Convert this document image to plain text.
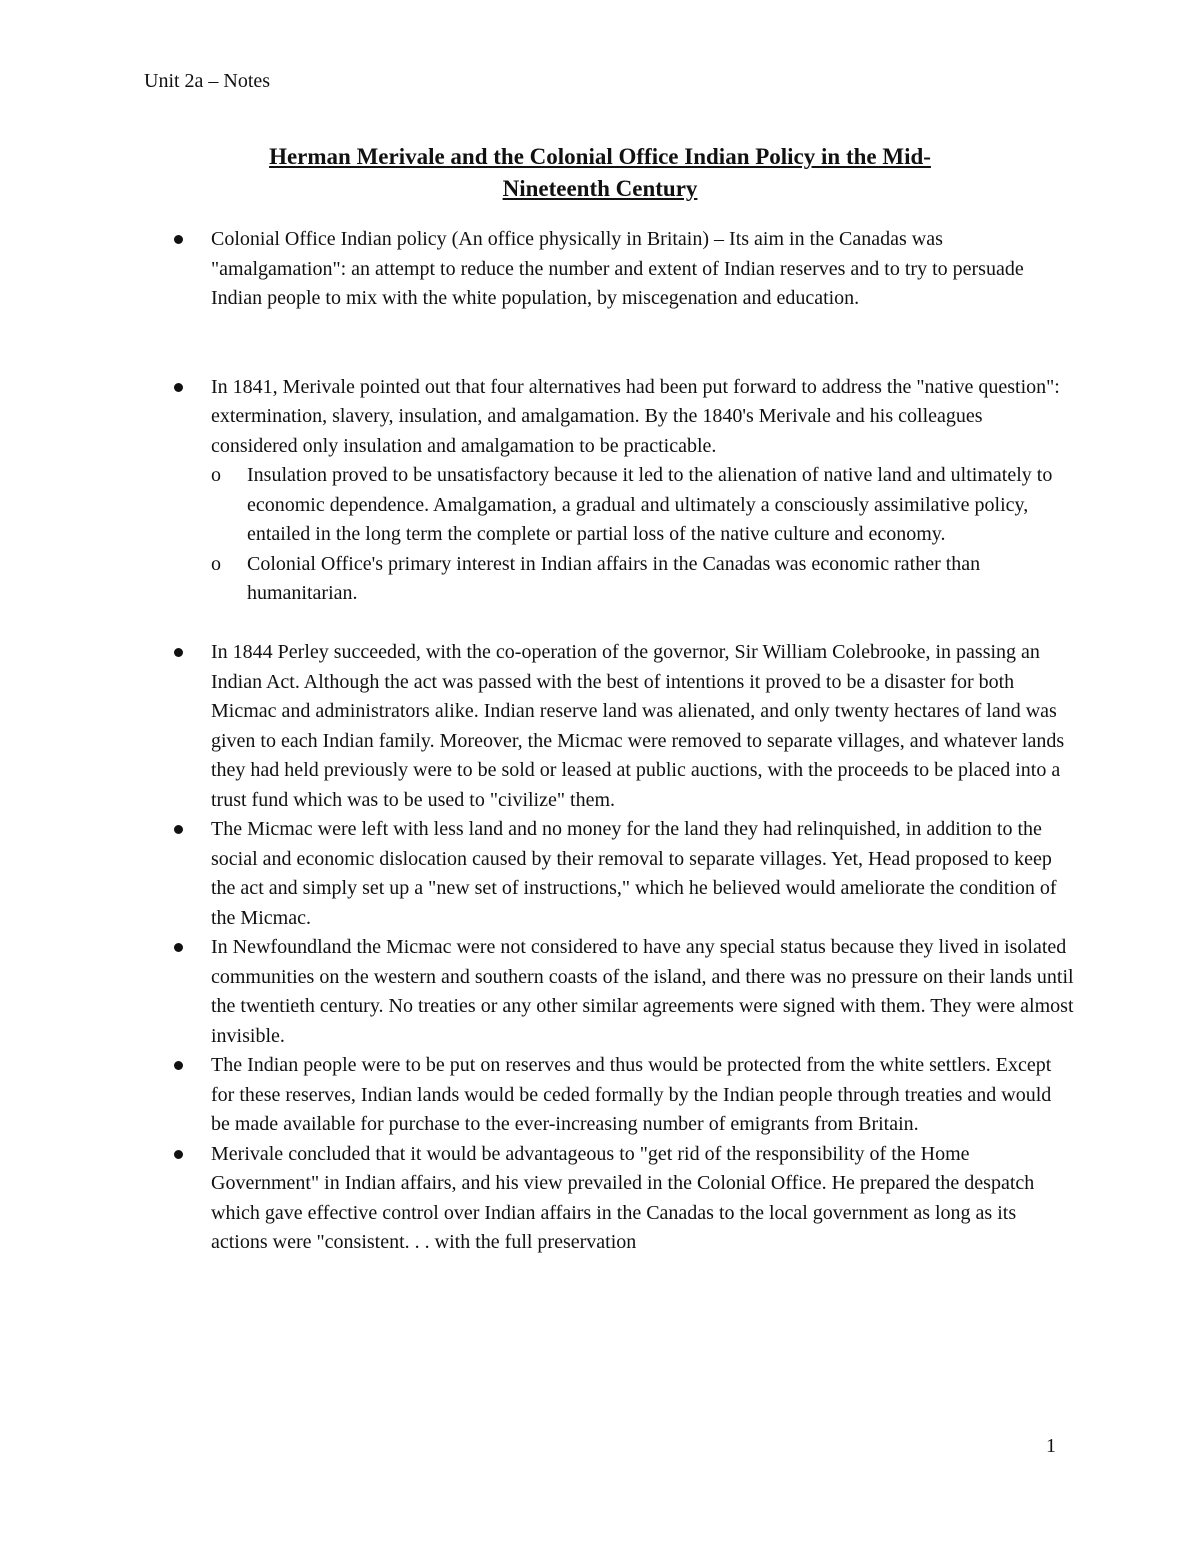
Unit 2a – Notes
Herman Merivale and the Colonial Office Indian Policy in the Mid-
Nineteenth Century
Colonial Office Indian policy (An office physically in Britain) – Its aim in the Canadas was "amalgamation": an attempt to reduce the number and extent of Indian reserves and to try to persuade Indian people to mix with the white population, by miscegenation and education.
In 1841, Merivale pointed out that four alternatives had been put forward to address the "native question": extermination, slavery, insulation, and amalgamation. By the 1840's Merivale and his colleagues considered only insulation and amalgamation to be practicable.
o Insulation proved to be unsatisfactory because it led to the alienation of native land and ultimately to economic dependence. Amalgamation, a gradual and ultimately a consciously assimilative policy, entailed in the long term the complete or partial loss of the native culture and economy.
o Colonial Office's primary interest in Indian affairs in the Canadas was economic rather than humanitarian.
In 1844 Perley succeeded, with the co-operation of the governor, Sir William Colebrooke, in passing an Indian Act. Although the act was passed with the best of intentions it proved to be a disaster for both Micmac and administrators alike. Indian reserve land was alienated, and only twenty hectares of land was given to each Indian family. Moreover, the Micmac were removed to separate villages, and whatever lands they had held previously were to be sold or leased at public auctions, with the proceeds to be placed into a trust fund which was to be used to "civilize" them.
The Micmac were left with less land and no money for the land they had relinquished, in addition to the social and economic dislocation caused by their removal to separate villages. Yet, Head proposed to keep the act and simply set up a "new set of instructions," which he believed would ameliorate the condition of the Micmac.
In Newfoundland the Micmac were not considered to have any special status because they lived in isolated communities on the western and southern coasts of the island, and there was no pressure on their lands until the twentieth century. No treaties or any other similar agreements were signed with them. They were almost invisible.
The Indian people were to be put on reserves and thus would be protected from the white settlers. Except for these reserves, Indian lands would be ceded formally by the Indian people through treaties and would be made available for purchase to the ever-increasing number of emigrants from Britain.
Merivale concluded that it would be advantageous to "get rid of the responsibility of the Home Government" in Indian affairs, and his view prevailed in the Colonial Office. He prepared the despatch which gave effective control over Indian affairs in the Canadas to the local government as long as its actions were "consistent. . . with the full preservation
1
